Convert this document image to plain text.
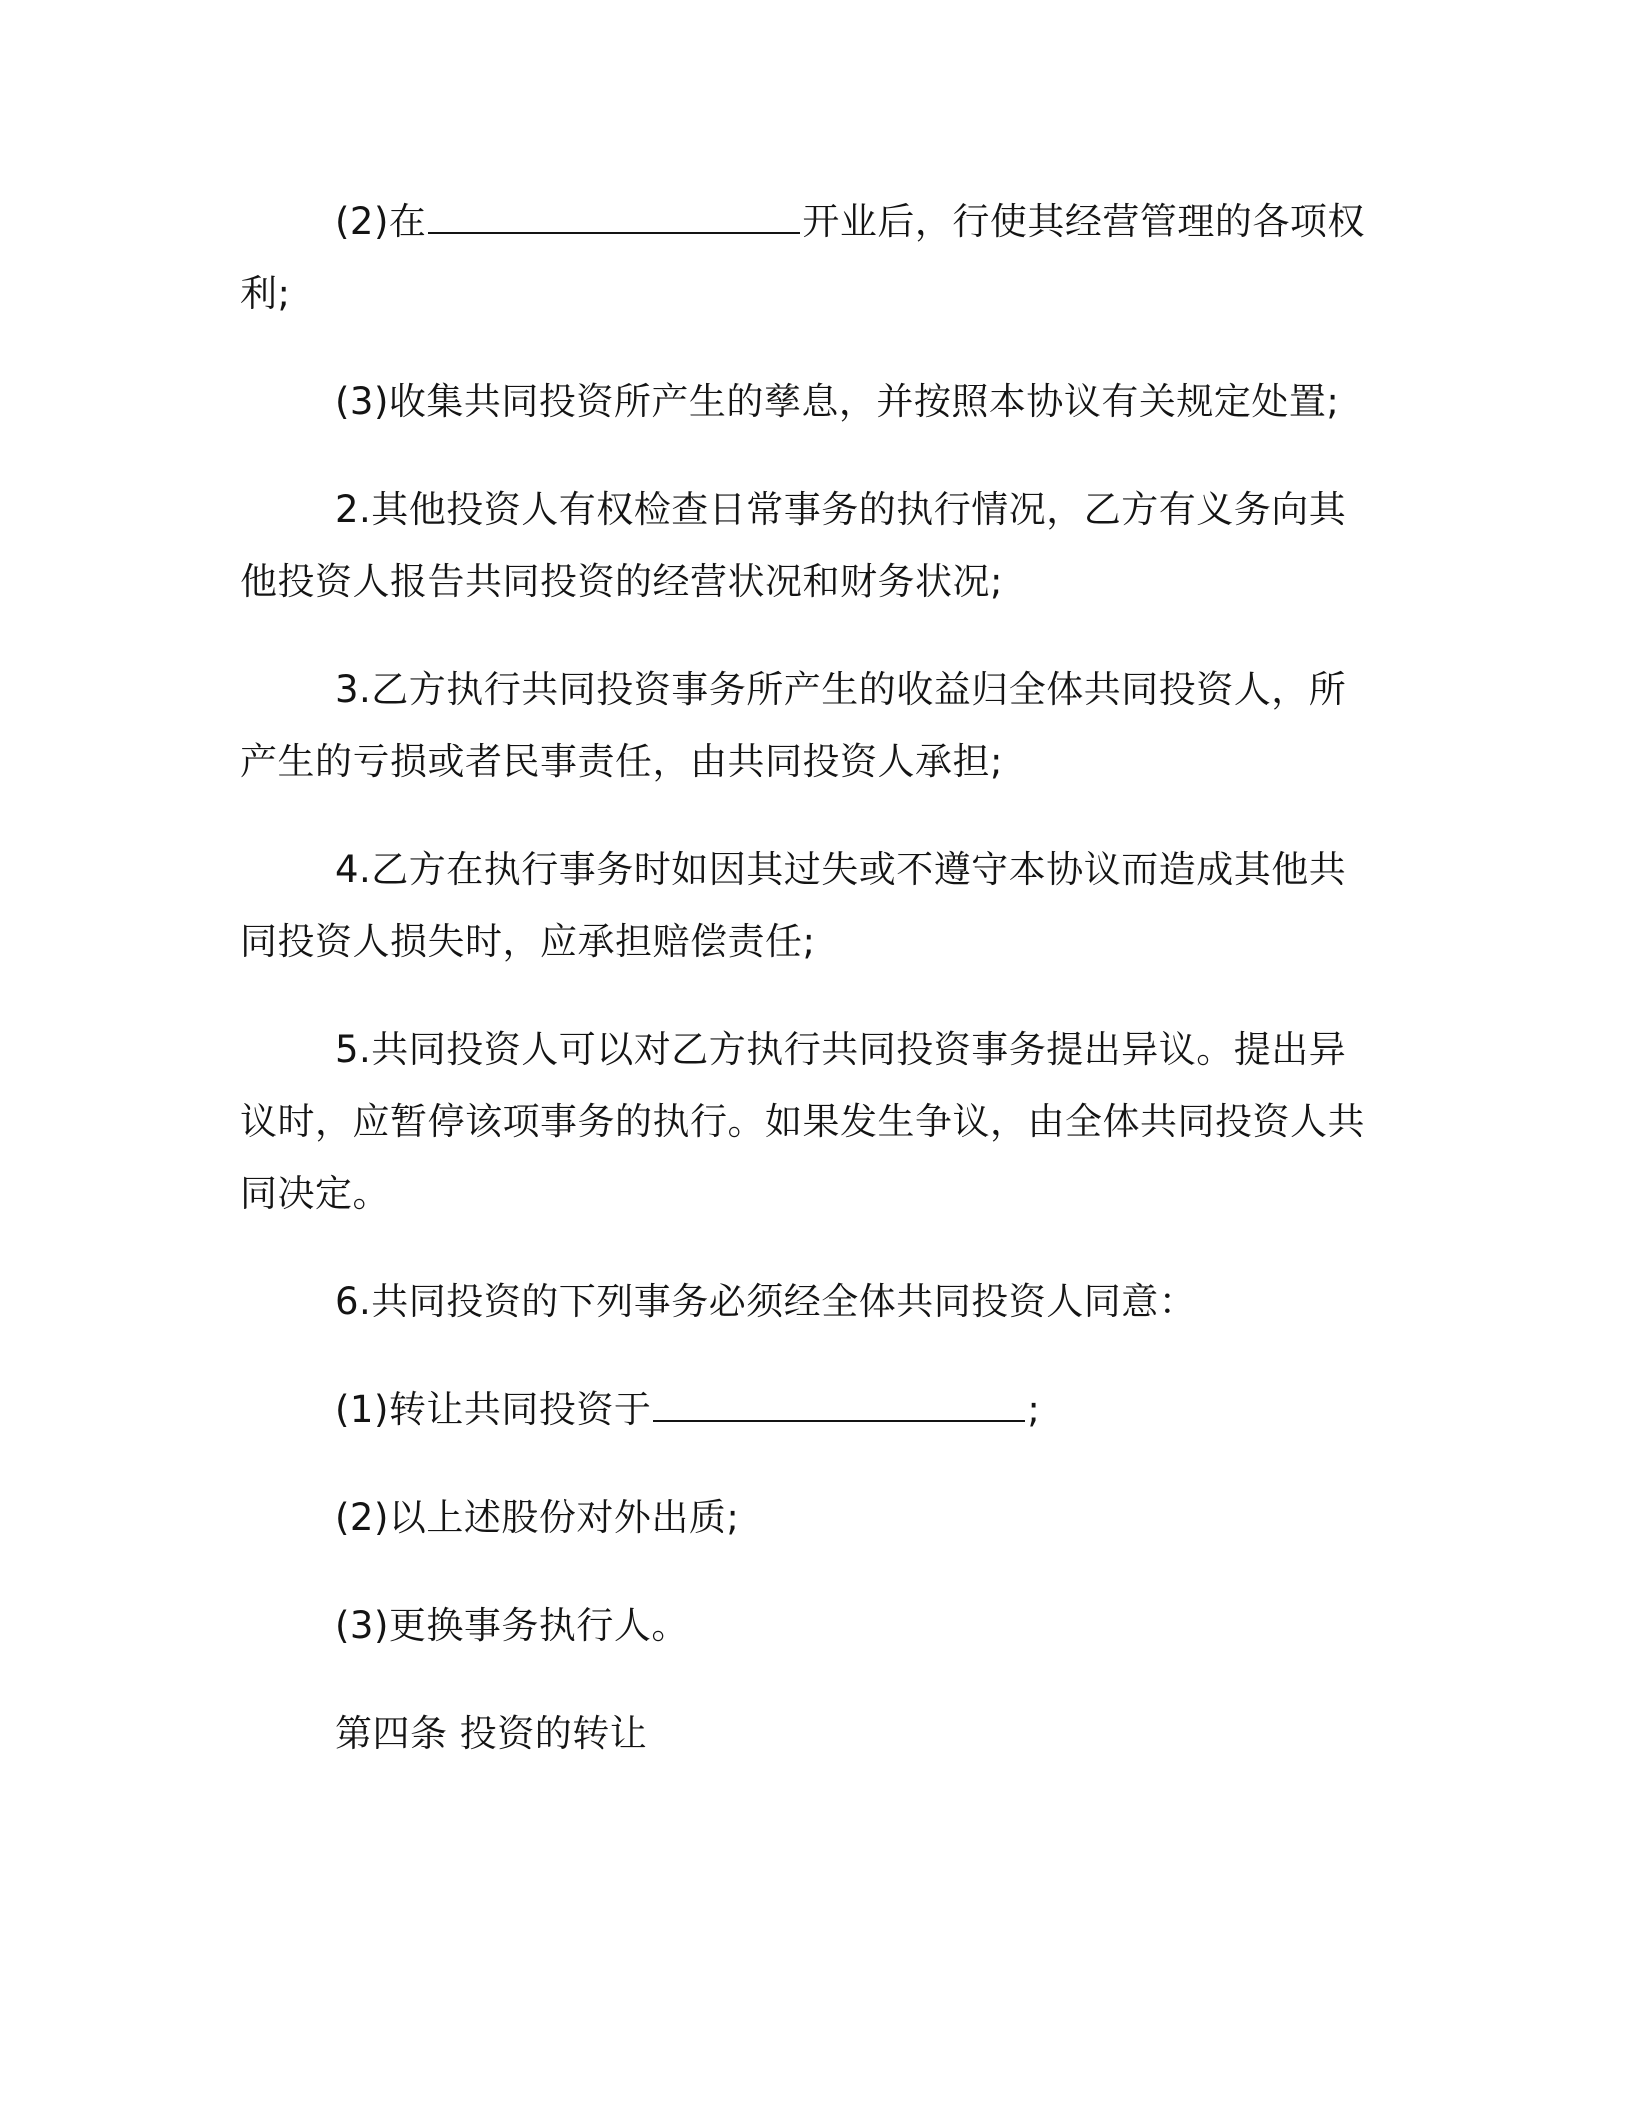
(2)在	开业后，行使其经营管理的各项权利;

(3)收集共同投资所产生的孳息，并按照本协议有关规定处置;

2.其他投资人有权检查日常事务的执行情况，乙方有义务向其他投资人报告共同投资的经营状况和财务状况;

3.乙方执行共同投资事务所产生的收益归全体共同投资人，所产生的亏损或者民事责任，由共同投资人承担;

4.乙方在执行事务时如因其过失或不遵守本协议而造成其他共同投资人损失时，应承担赔偿责任;

5.共同投资人可以对乙方执行共同投资事务提出异议。提出异议时，应暂停该项事务的执行。如果发生争议，由全体共同投资人共同决定。

6.共同投资的下列事务必须经全体共同投资人同意：

(1)转让共同投资于	;

(2)以上述股份对外出质;

(3)更换事务执行人。

第四条 投资的转让
